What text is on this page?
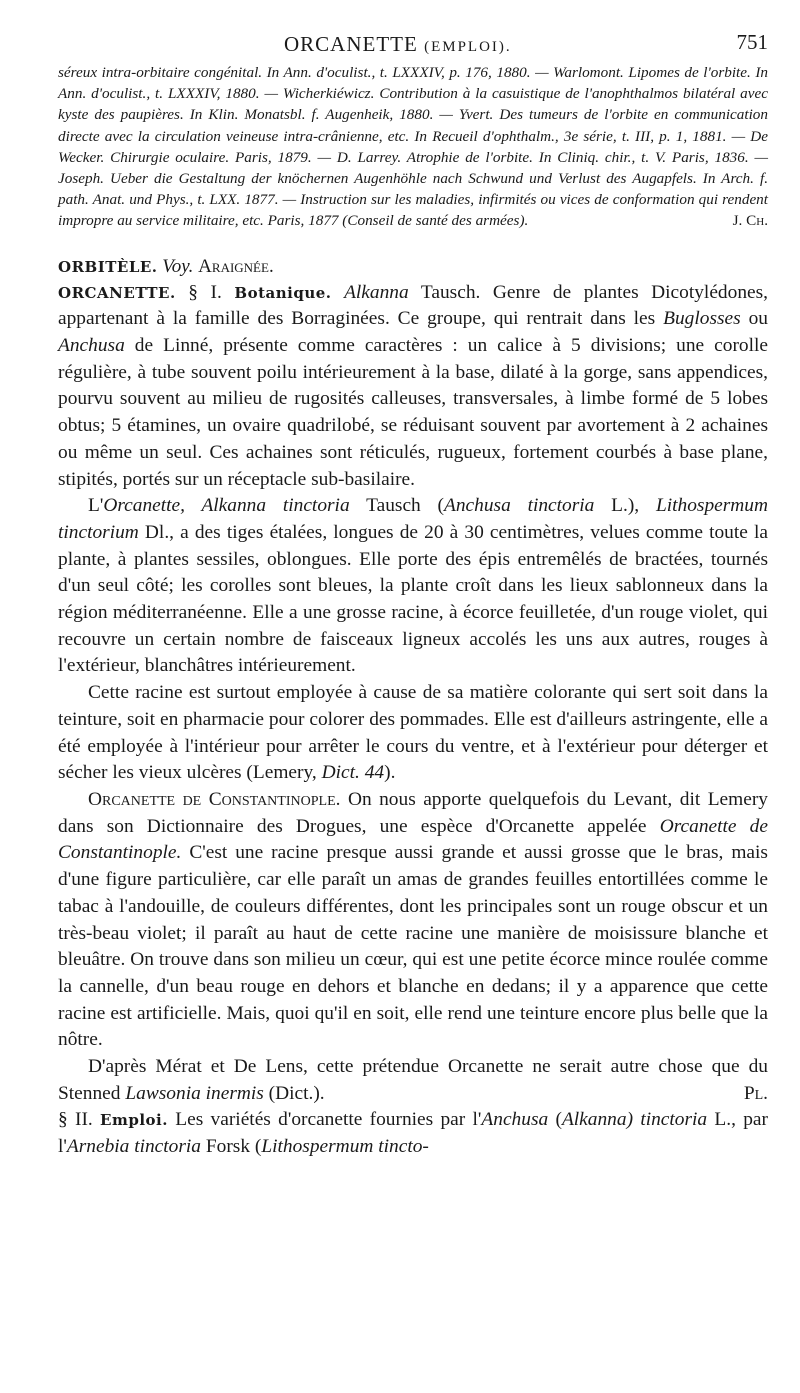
ORCANETTE (EMPLOI).	751

séreux intra-orbitaire congénital. In Ann. d'oculist., t. LXXXIV, p. 176, 1880. — Warlomont. Lipomes de l'orbite. In Ann. d'oculist., t. LXXXIV, 1880. — Wicherkiéwicz. Contribution à la casuistique de l'anophthalmos bilatéral avec kyste des paupières. In Klin. Monatsbl. f. Augenheik, 1880. — Yvert. Des tumeurs de l'orbite en communication directe avec la circulation veineuse intra-crânienne, etc. In Recueil d'ophthalm., 3e série, t. III, p. 1, 1881. — De Wecker. Chirurgie oculaire. Paris, 1879. — D. Larrey. Atrophie de l'orbite. In Cliniq. chir., t. V. Paris, 1836. — Joseph. Ueber die Gestaltung der knöchernen Augenhöhle nach Schwund und Verlust des Augapfels. In Arch. f. path. Anat. und Phys., t. LXX. 1877. — Instruction sur les maladies, infirmités ou vices de conformation qui rendent impropre au service militaire, etc. Paris, 1877 (Conseil de santé des armées).	J. Ch.

ORBITÈLE. Voy. Araignée.

ORCANETTE. § I. Botanique. Alkanna Tausch. Genre de plantes Dicotylédones, appartenant à la famille des Borraginées. Ce groupe, qui rentrait dans les Buglosses ou Anchusa de Linné, présente comme caractères : un calice à 5 divisions; une corolle régulière, à tube souvent poilu intérieurement à la base, dilaté à la gorge, sans appendices, pourvu souvent au milieu de rugosités calleuses, transversales, à limbe formé de 5 lobes obtus; 5 étamines, un ovaire quadrilobé, se réduisant souvent par avortement à 2 achaines ou même un seul. Ces achaines sont réticulés, rugueux, fortement courbés à base plane, stipités, portés sur un réceptacle sub-basilaire.

L'Orcanette, Alkanna tinctoria Tausch (Anchusa tinctoria L.), Lithospermum tinctorium Dl., a des tiges étalées, longues de 20 à 30 centimètres, velues comme toute la plante, à plantes sessiles, oblongues. Elle porte des épis entremêlés de bractées, tournés d'un seul côté; les corolles sont bleues, la plante croît dans les lieux sablonneux dans la région méditerranéenne. Elle a une grosse racine, à écorce feuilletée, d'un rouge violet, qui recouvre un certain nombre de faisceaux ligneux accolés les uns aux autres, rouges à l'extérieur, blanchâtres intérieurement.

Cette racine est surtout employée à cause de sa matière colorante qui sert soit dans la teinture, soit en pharmacie pour colorer des pommades. Elle est d'ailleurs astringente, elle a été employée à l'intérieur pour arrêter le cours du ventre, et à l'extérieur pour déterger et sécher les vieux ulcères (Lemery, Dict. 44).

Orcanette de Constantinople. On nous apporte quelquefois du Levant, dit Lemery dans son Dictionnaire des Drogues, une espèce d'Orcanette appelée Orcanette de Constantinople. C'est une racine presque aussi grande et aussi grosse que le bras, mais d'une figure particulière, car elle paraît un amas de grandes feuilles entortillées comme le tabac à l'andouille, de couleurs différentes, dont les principales sont un rouge obscur et un très-beau violet; il paraît au haut de cette racine une manière de moisissure blanche et bleuâtre. On trouve dans son milieu un cœur, qui est une petite écorce mince roulée comme la cannelle, d'un beau rouge en dehors et blanche en dedans; il y a apparence que cette racine est artificielle. Mais, quoi qu'il en soit, elle rend une teinture encore plus belle que la nôtre.

D'après Mérat et De Lens, cette prétendue Orcanette ne serait autre chose que du Stenned Lawsonia inermis (Dict.).	Pl.

§ II. Emploi. Les variétés d'orcanette fournies par l'Anchusa (Alkanna) tinctoria L., par l'Arnebia tinctoria Forsk (Lithospermum tincto-
